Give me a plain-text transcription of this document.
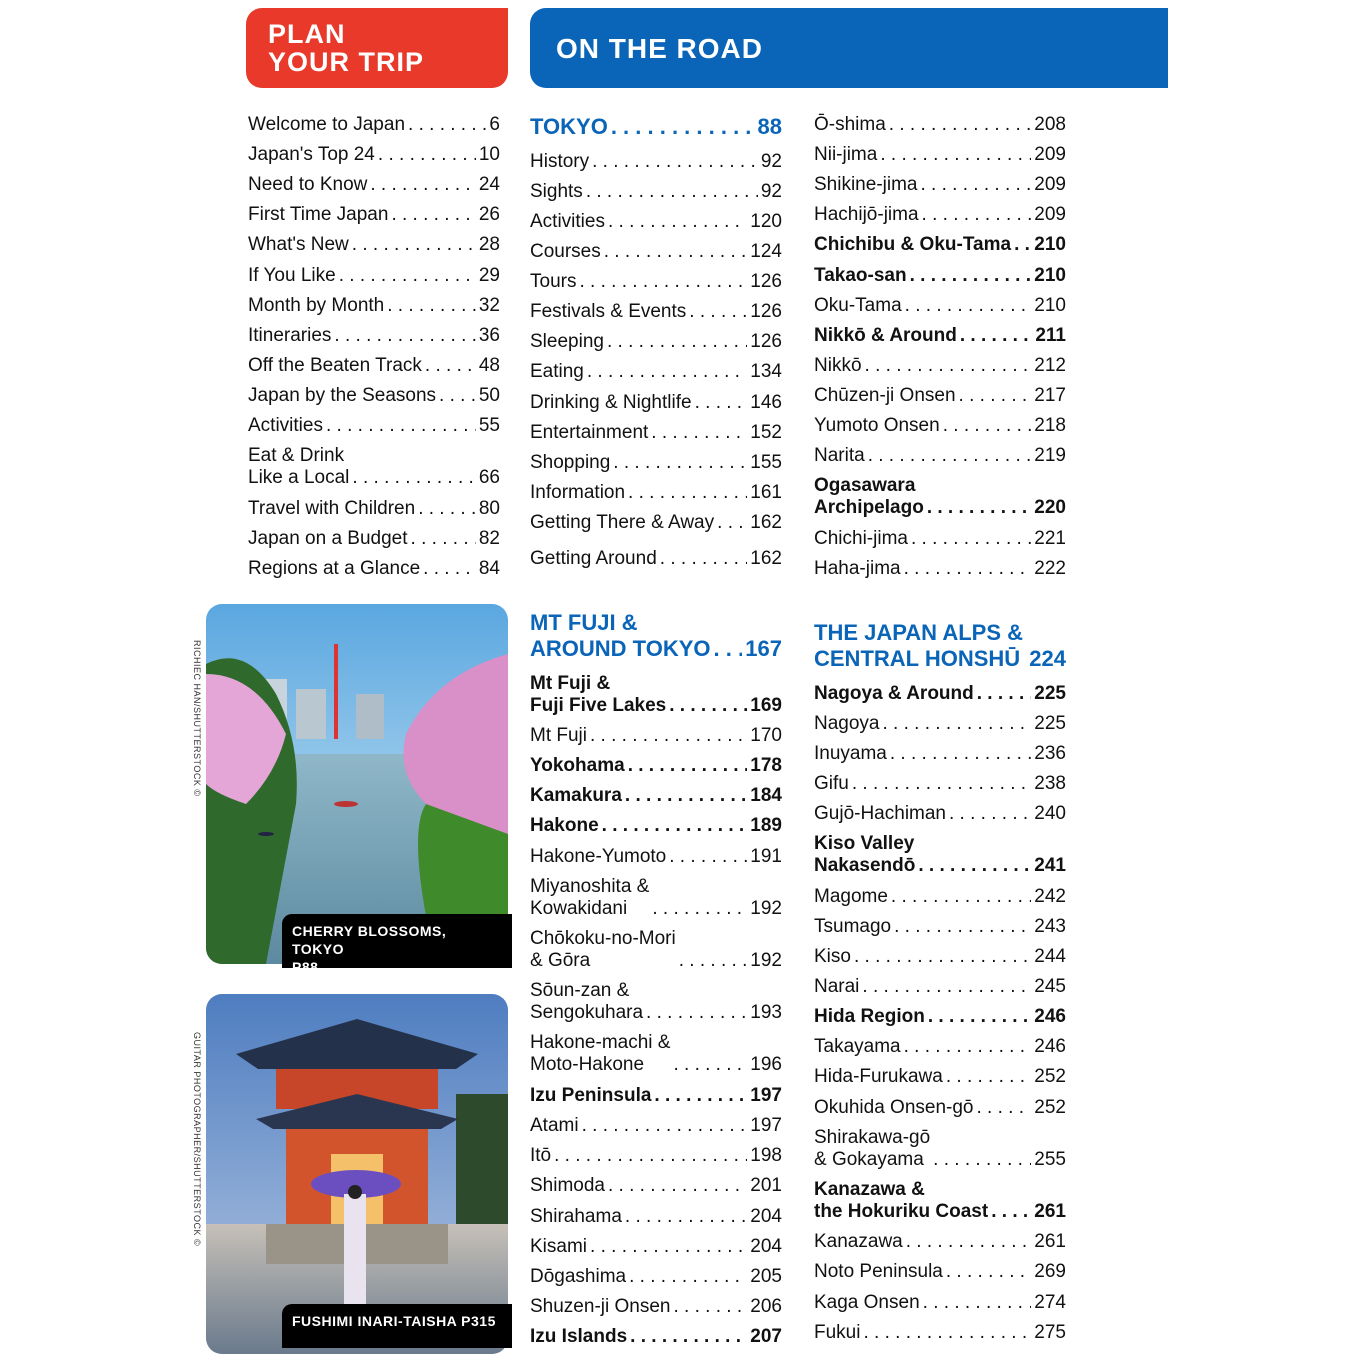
PLAN
YOUR TRIP	ON THE ROAD
Welcome to Japan . . .	6
Japan's Top 24 . . .	10
Need to Know . . .	24
First Time Japan . . .	26
What's New . . .	28
If You Like . . .	29
Month by Month . . .	32
Itineraries . . .	36
Off the Beaten Track . . .	48
Japan by the Seasons . . . 50
Activities . . .	55
Eat & Drink
Like a Local . . .	66
Travel with Children . . .	80
Japan on a Budget . . .	82
Regions at a Glance . . .	84
TOKYO . . .	88
History . . .	92
Sights . . .	92
Activities . . .	120
Courses . . .	124
Tours . . .	126
Festivals & Events . . .	126
Sleeping . . .	126
Eating . . .	134
Drinking & Nightlife . . .	146
Entertainment . . .	152
Shopping . . .	155
Information . . .	161
Getting There & Away . . . 162
Getting Around . . .	162
MT FUJI &
AROUND TOKYO . . . 167
Mt Fuji &
Fuji Five Lakes . . .	169
Mt Fuji . . .	170
Yokohama . . .	178
Kamakura . . .	184
Hakone . . .	189
Hakone-Yumoto . . .	191
Miyanoshita &
Kowakidani . . .	192
Chōkoku-no-Mori
& Gōra . . .	192
Sōun-zan &
Sengokuhara . . .	193
Hakone-machi &
Moto-Hakone . . .	196
Izu Peninsula . . .	197
Atami . . .	197
Itō . . .	198
Shimoda . . .	201
Shirahama . . .	204
Kisami . . .	204
Dōgashima . . .	205
Shuzen-ji Onsen . . .	206
Izu Islands . . .	207
Ō-shima . . .	208
Nii-jima . . .	209
Shikine-jima . . .	209
Hachijō-jima . . .	209
Chichibu & Oku-Tama . . . 210
Takao-san . . .	210
Oku-Tama . . .	210
Nikkō & Around . . .	211
Nikkō . . .	212
Chūzen-ji Onsen . . .	217
Yumoto Onsen . . .	218
Narita . . .	219
Ogasawara
Archipelago . . .	220
Chichi-jima . . .	221
Haha-jima . . .	222
THE JAPAN ALPS &
CENTRAL HONSHŪ . . . 224
Nagoya & Around . . .	225
Nagoya . . .	225
Inuyama . . .	236
Gifu . . .	238
Gujō-Hachiman . . .	240
Kiso Valley
Nakasendō . . .	241
Magome . . .	242
Tsumago . . .	243
Kiso . . .	244
Narai . . .	245
Hida Region . . .	246
Takayama . . .	246
Hida-Furukawa . . .	252
Okuhida Onsen-gō . . .	252
Shirakawa-gō
& Gokayama . . .	255
Kanazawa &
the Hokuriku Coast . . . 261
Kanazawa . . .	261
Noto Peninsula . . .	269
Kaga Onsen . . .	274
Fukui . . .	275
CHERRY BLOSSOMS, TOKYO
P88
RICHIEC HAN/SHUTTERSTOCK ©
FUSHIMI INARI-TAISHA P315
GUITAR PHOTOGRAPHER/SHUTTERSTOCK ©
